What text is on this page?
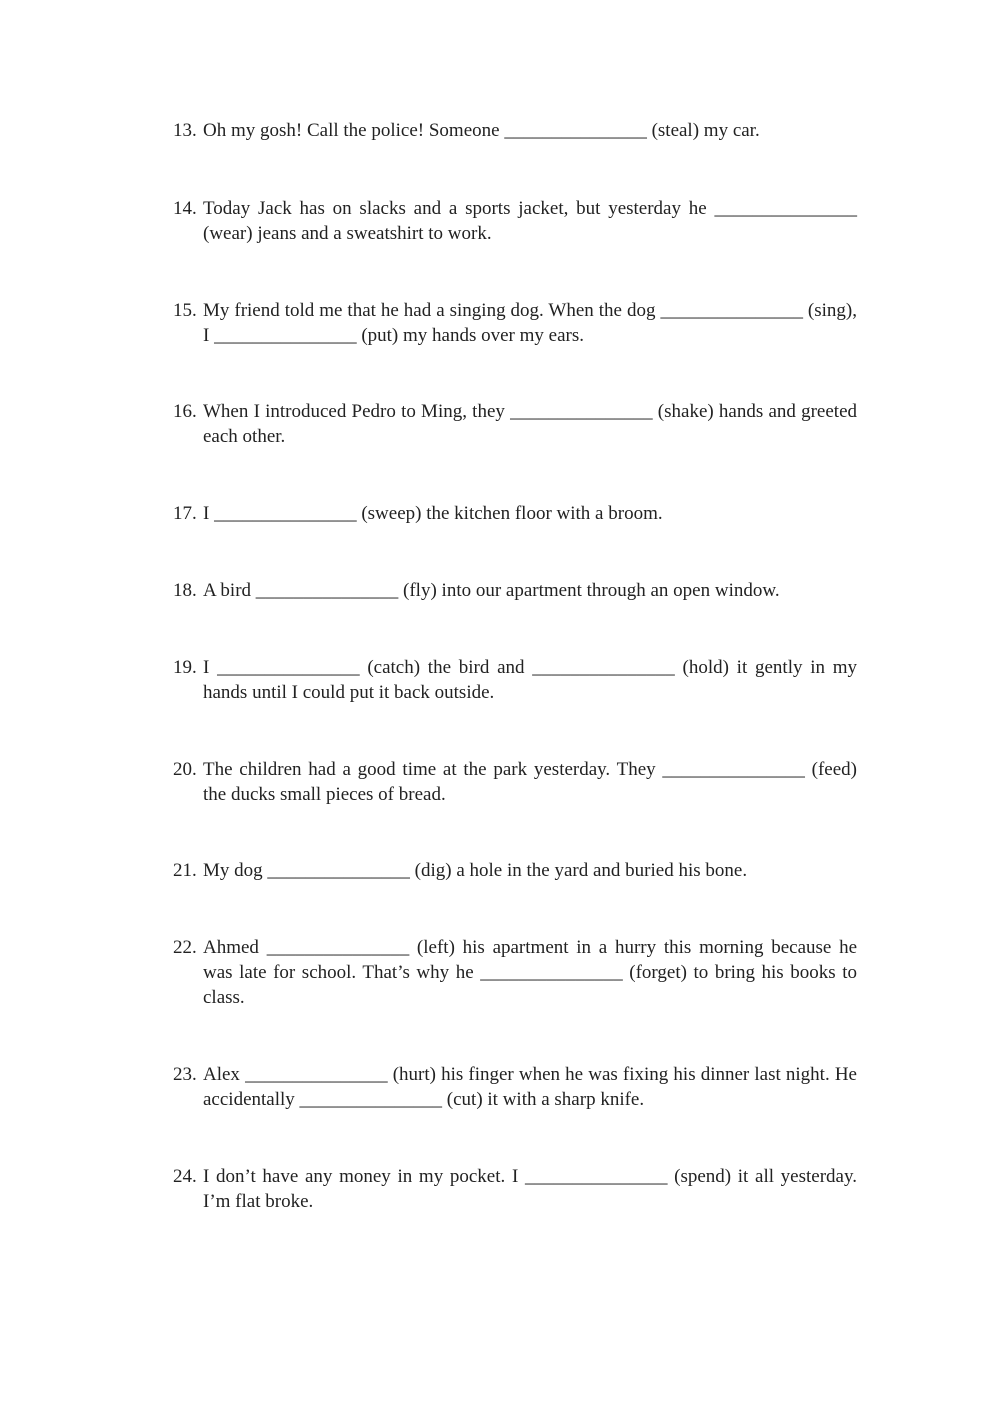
13. Oh my gosh! Call the police! Someone _______________ (steal) my car.
14. Today Jack has on slacks and a sports jacket, but yesterday he _______________ (wear) jeans and a sweatshirt to work.
15. My friend told me that he had a singing dog. When the dog _______________ (sing), I _______________ (put) my hands over my ears.
16. When I introduced Pedro to Ming, they _______________ (shake) hands and greeted each other.
17. I _______________ (sweep) the kitchen floor with a broom.
18. A bird _______________ (fly) into our apartment through an open window.
19. I _______________ (catch) the bird and _______________ (hold) it gently in my hands until I could put it back outside.
20. The children had a good time at the park yesterday. They _______________ (feed) the ducks small pieces of bread.
21. My dog _______________ (dig) a hole in the yard and buried his bone.
22. Ahmed _______________ (left) his apartment in a hurry this morning because he was late for school. That’s why he _______________ (forget) to bring his books to class.
23. Alex _______________ (hurt) his finger when he was fixing his dinner last night. He accidentally _______________ (cut) it with a sharp knife.
24. I don’t have any money in my pocket. I _______________ (spend) it all yesterday. I’m flat broke.
